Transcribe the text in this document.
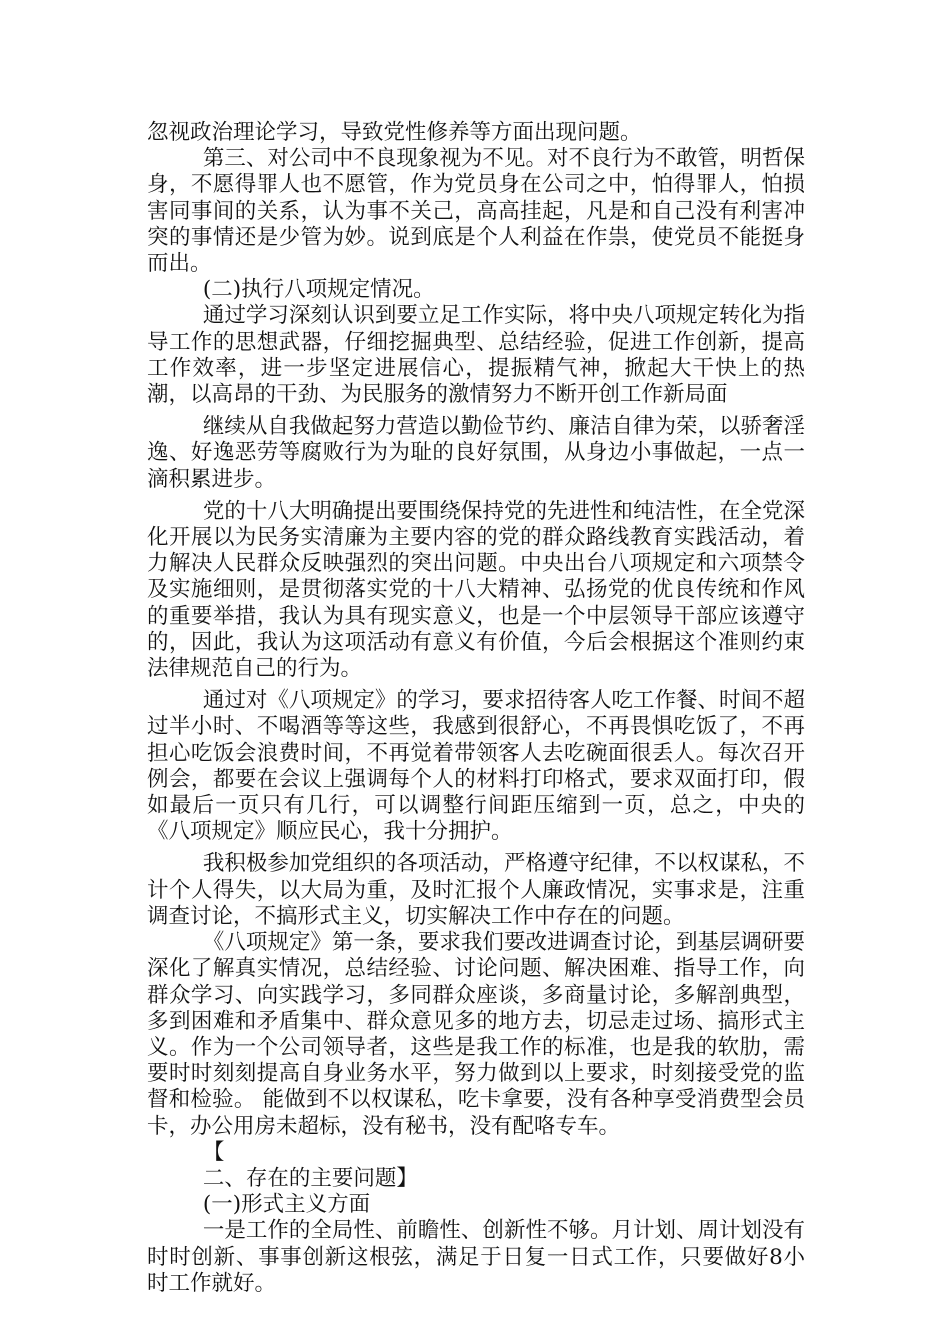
忽视政治理论学习，导致党性修养等方面出现问题。

第三、对公司中不良现象视为不见。对不良行为不敢管，明哲保身，不愿得罪人也不愿管，作为党员身在公司之中，怕得罪人，怕损害同事间的关系，认为事不关己，高高挂起，凡是和自己没有利害冲突的事情还是少管为妙。说到底是个人利益在作祟，使党员不能挺身而出。

(二)执行八项规定情况。

通过学习深刻认识到要立足工作实际，将中央八项规定转化为指导工作的思想武器，仔细挖掘典型、总结经验，促进工作创新，提高工作效率，进一步坚定进展信心，提振精气神，掀起大干快上的热潮，以高昂的干劲、为民服务的激情努力不断开创工作新局面

继续从自我做起努力营造以勤俭节约、廉洁自律为荣，以骄奢淫逸、好逸恶劳等腐败行为为耻的良好氛围，从身边小事做起，一点一滴积累进步。

党的十八大明确提出要围绕保持党的先进性和纯洁性，在全党深化开展以为民务实清廉为主要内容的党的群众路线教育实践活动，着力解决人民群众反映强烈的突出问题。中央出台八项规定和六项禁令及实施细则，是贯彻落实党的十八大精神、弘扬党的优良传统和作风的重要举措，我认为具有现实意义，也是一个中层领导干部应该遵守的，因此，我认为这项活动有意义有价值，今后会根据这个准则约束法律规范自己的行为。

通过对《八项规定》的学习，要求招待客人吃工作餐、时间不超过半小时、不喝酒等等这些，我感到很舒心，不再畏惧吃饭了，不再担心吃饭会浪费时间，不再觉着带领客人去吃碗面很丢人。每次召开例会，都要在会议上强调每个人的材料打印格式，要求双面打印，假如最后一页只有几行，可以调整行间距压缩到一页，总之，中央的《八项规定》顺应民心，我十分拥护。

我积极参加党组织的各项活动，严格遵守纪律，不以权谋私，不计个人得失，以大局为重，及时汇报个人廉政情况，实事求是，注重调查讨论，不搞形式主义，切实解决工作中存在的问题。

《八项规定》第一条，要求我们要改进调查讨论，到基层调研要深化了解真实情况，总结经验、讨论问题、解决困难、指导工作，向群众学习、向实践学习，多同群众座谈，多商量讨论，多解剖典型，多到困难和矛盾集中、群众意见多的地方去，切忌走过场、搞形式主义。作为一个公司领导者，这些是我工作的标准，也是我的软肋，需要时时刻刻提高自身业务水平，努力做到以上要求，时刻接受党的监督和检验。 能做到不以权谋私，吃卡拿要，没有各种享受消费型会员卡，办公用房未超标，没有秘书，没有配咯专车。

【

二、存在的主要问题】

(一)形式主义方面

一是工作的全局性、前瞻性、创新性不够。月计划、周计划没有时时创新、事事创新这根弦，满足于日复一日式工作，只要做好8小时工作就好。
